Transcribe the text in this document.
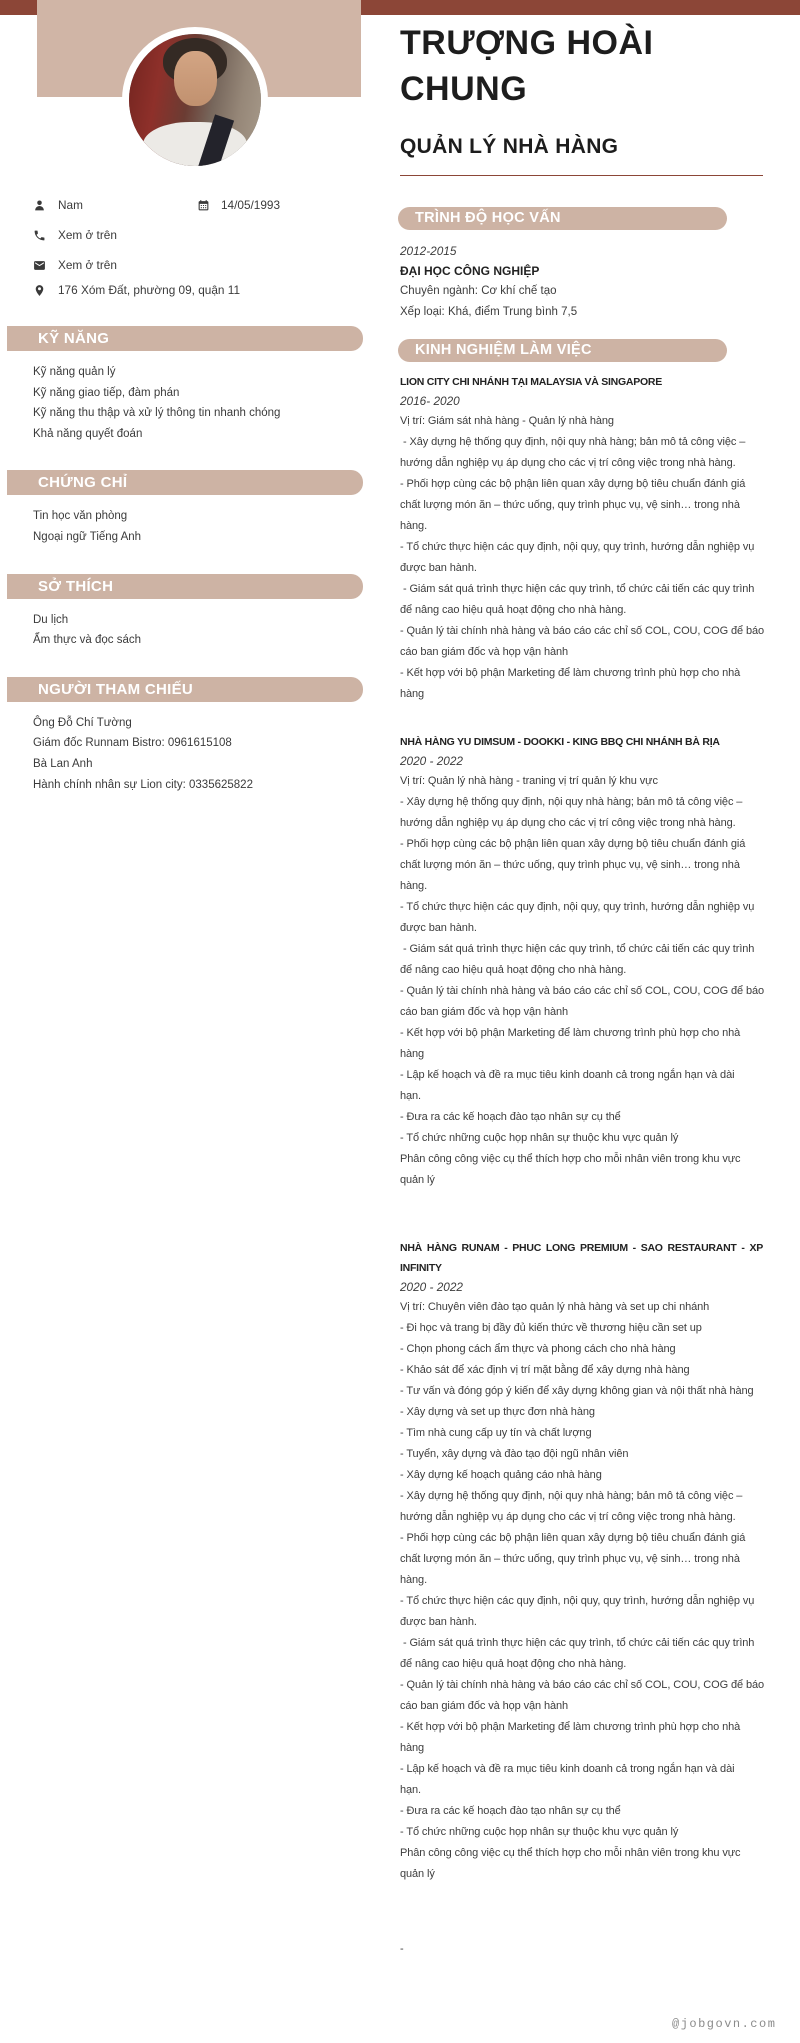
Nam	14/05/1993
Xem ở trên
Xem ở trên
176 Xóm Đất, phường 09, quận 11
KỸ NĂNG
Kỹ năng quản lý
Kỹ năng giao tiếp, đàm phán
Kỹ năng thu thập và xử lý thông tin nhanh chóng
Khả năng quyết đoán
CHỨNG CHỈ
Tin học văn phòng
Ngoại ngữ Tiếng Anh
SỞ THÍCH
Du lịch
Ẩm thực và đọc sách
NGƯỜI THAM CHIẾU
Ông Đỗ Chí Tường
Giám đốc Runnam Bistro: 0961615108
Bà Lan Anh
Hành chính nhân sự Lion city: 0335625822
TRƯỢNG HOÀI CHUNG
QUẢN LÝ NHÀ HÀNG
TRÌNH ĐỘ HỌC VẤN
2012-2015
ĐẠI HỌC CÔNG NGHIỆP
Chuyên ngành: Cơ khí chế tạo
Xếp loại: Khá, điểm Trung bình 7,5
KINH NGHIỆM LÀM VIỆC
LION CITY CHI NHÁNH TẠI MALAYSIA VÀ SINGAPORE
2016- 2020
Vị trí: Giám sát nhà hàng - Quản lý nhà hàng
- Xây dựng hệ thống quy định, nội quy nhà hàng; bản mô tả công việc –
hướng dẫn nghiệp vụ áp dụng cho các vị trí công việc trong nhà hàng.
- Phối hợp cùng các bộ phận liên quan xây dựng bộ tiêu chuẩn đánh giá
chất lượng món ăn – thức uống, quy trình phục vụ, vệ sinh… trong nhà
hàng.
- Tổ chức thực hiện các quy định, nội quy, quy trình, hướng dẫn nghiệp vụ
được ban hành.
- Giám sát quá trình thực hiện các quy trình, tổ chức cải tiến các quy trình
để nâng cao hiệu quả hoạt động cho nhà hàng.
- Quản lý tài chính nhà hàng và báo cáo các chỉ số COL, COU, COG để báo
cáo ban giám đốc và họp vận hành
- Kết hợp với bộ phận Marketing để làm chương trình phù hợp cho nhà
hàng
NHÀ HÀNG YU DIMSUM - DOOKKI - KING BBQ CHI NHÁNH BÀ RỊA
2020 - 2022
Vị trí: Quản lý nhà hàng - traning vị trí quản lý khu vực
- Xây dựng hệ thống quy định, nội quy nhà hàng; bản mô tả công việc –
hướng dẫn nghiệp vụ áp dụng cho các vị trí công việc trong nhà hàng.
- Phối hợp cùng các bộ phận liên quan xây dựng bộ tiêu chuẩn đánh giá
chất lượng món ăn – thức uống, quy trình phục vụ, vệ sinh… trong nhà
hàng.
- Tổ chức thực hiện các quy định, nội quy, quy trình, hướng dẫn nghiệp vụ
được ban hành.
- Giám sát quá trình thực hiện các quy trình, tổ chức cải tiến các quy trình
để nâng cao hiệu quả hoạt động cho nhà hàng.
- Quản lý tài chính nhà hàng và báo cáo các chỉ số COL, COU, COG để báo
cáo ban giám đốc và họp vận hành
- Kết hợp với bộ phận Marketing để làm chương trình phù hợp cho nhà
hàng
- Lập kế hoạch và đề ra mục tiêu kinh doanh cả trong ngắn hạn và dài
hạn.
- Đưa ra các kế hoạch đào tạo nhân sự cụ thể
- Tổ chức những cuộc họp nhân sự thuộc khu vực quản lý
Phân công công việc cụ thể thích hợp cho mỗi nhân viên trong khu vực
quản lý
NHÀ HÀNG RUNAM - PHUC LONG PREMIUM - SAO RESTAURANT - XP INFINITY
2020 - 2022
Vị trí: Chuyên viên đào tạo quản lý nhà hàng và set up chi nhánh
- Đi học và trang bị đầy đủ kiến thức về thương hiệu cần set up
- Chọn phong cách ẩm thực và phong cách cho nhà hàng
- Khảo sát để xác định vị trí mặt bằng để xây dựng nhà hàng
- Tư vấn và đóng góp ý kiến để xây dựng không gian và nội thất nhà hàng
- Xây dựng và set up thực đơn nhà hàng
- Tìm nhà cung cấp uy tín và chất lượng
- Tuyển, xây dựng và đào tạo đội ngũ nhân viên
- Xây dựng kế hoạch quảng cáo nhà hàng
- Xây dựng hệ thống quy định, nội quy nhà hàng; bản mô tả công việc –
hướng dẫn nghiệp vụ áp dụng cho các vị trí công việc trong nhà hàng.
- Phối hợp cùng các bộ phận liên quan xây dựng bộ tiêu chuẩn đánh giá
chất lượng món ăn – thức uống, quy trình phục vụ, vệ sinh… trong nhà
hàng.
- Tổ chức thực hiện các quy định, nội quy, quy trình, hướng dẫn nghiệp vụ
được ban hành.
- Giám sát quá trình thực hiện các quy trình, tổ chức cải tiến các quy trình
để nâng cao hiệu quả hoạt động cho nhà hàng.
- Quản lý tài chính nhà hàng và báo cáo các chỉ số COL, COU, COG để báo
cáo ban giám đốc và họp vận hành
- Kết hợp với bộ phận Marketing để làm chương trình phù hợp cho nhà
hàng
- Lập kế hoạch và đề ra mục tiêu kinh doanh cả trong ngắn hạn và dài
hạn.
- Đưa ra các kế hoạch đào tạo nhân sự cụ thể
- Tổ chức những cuộc họp nhân sự thuộc khu vực quản lý
Phân công công việc cụ thể thích hợp cho mỗi nhân viên trong khu vực
quản lý
-
@jobgovn.com
